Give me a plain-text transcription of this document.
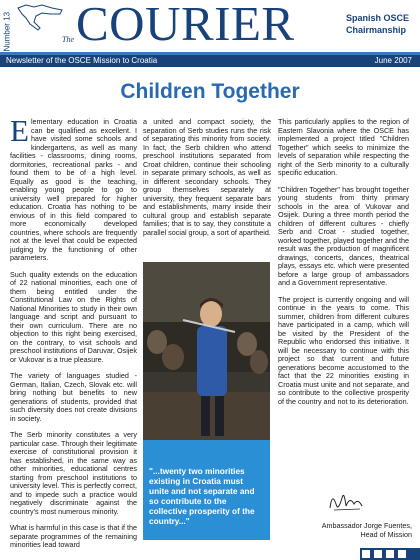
Number 13	The COURIER	Spanish OSCE
Chairmanship
Newsletter of the OSCE Mission to Croatia	June 2007
Children Together

Elementary education in Croatia can be qualified as excellent. I have visited some schools and kindergartens, as well as many facilities - classrooms, dining rooms, dormitories, recreational parks - and found them to be of a high level. Equally as good is the teaching, enabling young people to go to university well prepared for higher education. Croatia has nothing to be envious of in this field compared to more economically developed countries, where schools are frequently not at the level that could be expected judging by the functioning of other parameters.

Such quality extends on the education of 22 national minorities, each one of them being entitled under the Constitutional Law on the Rights of National Minorities to study in their own language and script and pursuant to their own curriculum. There are no objection to this right being exercised, on the contrary, to visit schools and preschool institutions of Daruvar, Osijek or Vukovar is a true pleasure.

The variety of languages studied - German, Italian, Czech, Slovak etc. will bring nothing but benefits to new generations of students, provided that such diversity does not create divisions in society.

The Serb minority constitutes a very particular case. Through their legitimate exercise of constitutional provision it has established, in the same way as other minorities, educational centres starting from preschool institutions to university level. This is perfectly correct, and to impede such a practice would negatively discriminate against the country's most numerous minority.

What is harmful in this case is that if the separate programmes of the remaining minorities lead toward

a united and compact society, the separation of Serb studies runs the risk of separating this minority from society. In fact, the Serb children who attend preschool institutions separated from Croat children, continue their schooling in separate primary schools, as well as in different secondary schools. They group themselves separately at university, they frequent separate bars and establishments, marry inside their cultural group and establish separate families; that is to say, they constitute a parallel social group, a sort of apartheid.

"...twenty two minorities existing in Croatia must unite and not separate and so contribute to the collective prosperity of the country..."

This particularly applies to the region of Eastern Slavonia where the OSCE has implemented a project titled "Children Together" which seeks to minimize the levels of separation while respecting the right of the Serb minority to a culturally specific education.

"Children Together" has brought together young students from thirty primary schools in the area of Vukovar and Osijek. During a three month period the children of different cultures - chiefly Serb and Croat - studied together, worked together, played together and the result was the production of magnificent drawings, concerts, dances, theatrical plays, essays etc. which were presented before a large group of ambassadors and a Government representative.

The project is currently ongoing and will continue in the years to come. This summer, children from different cultures have participated in a camp, which will be visited by the President of the Republic who endorsed this initiative. It will be necessary to continue with this project so that current and future generations become accustomed to the fact that the 22 minorities existing in Croatia must unite and not separate, and so contribute to the collective prosperity of the country and not to its deterioration.

Ambassador Jorge Fuentes,
Head of Mission
